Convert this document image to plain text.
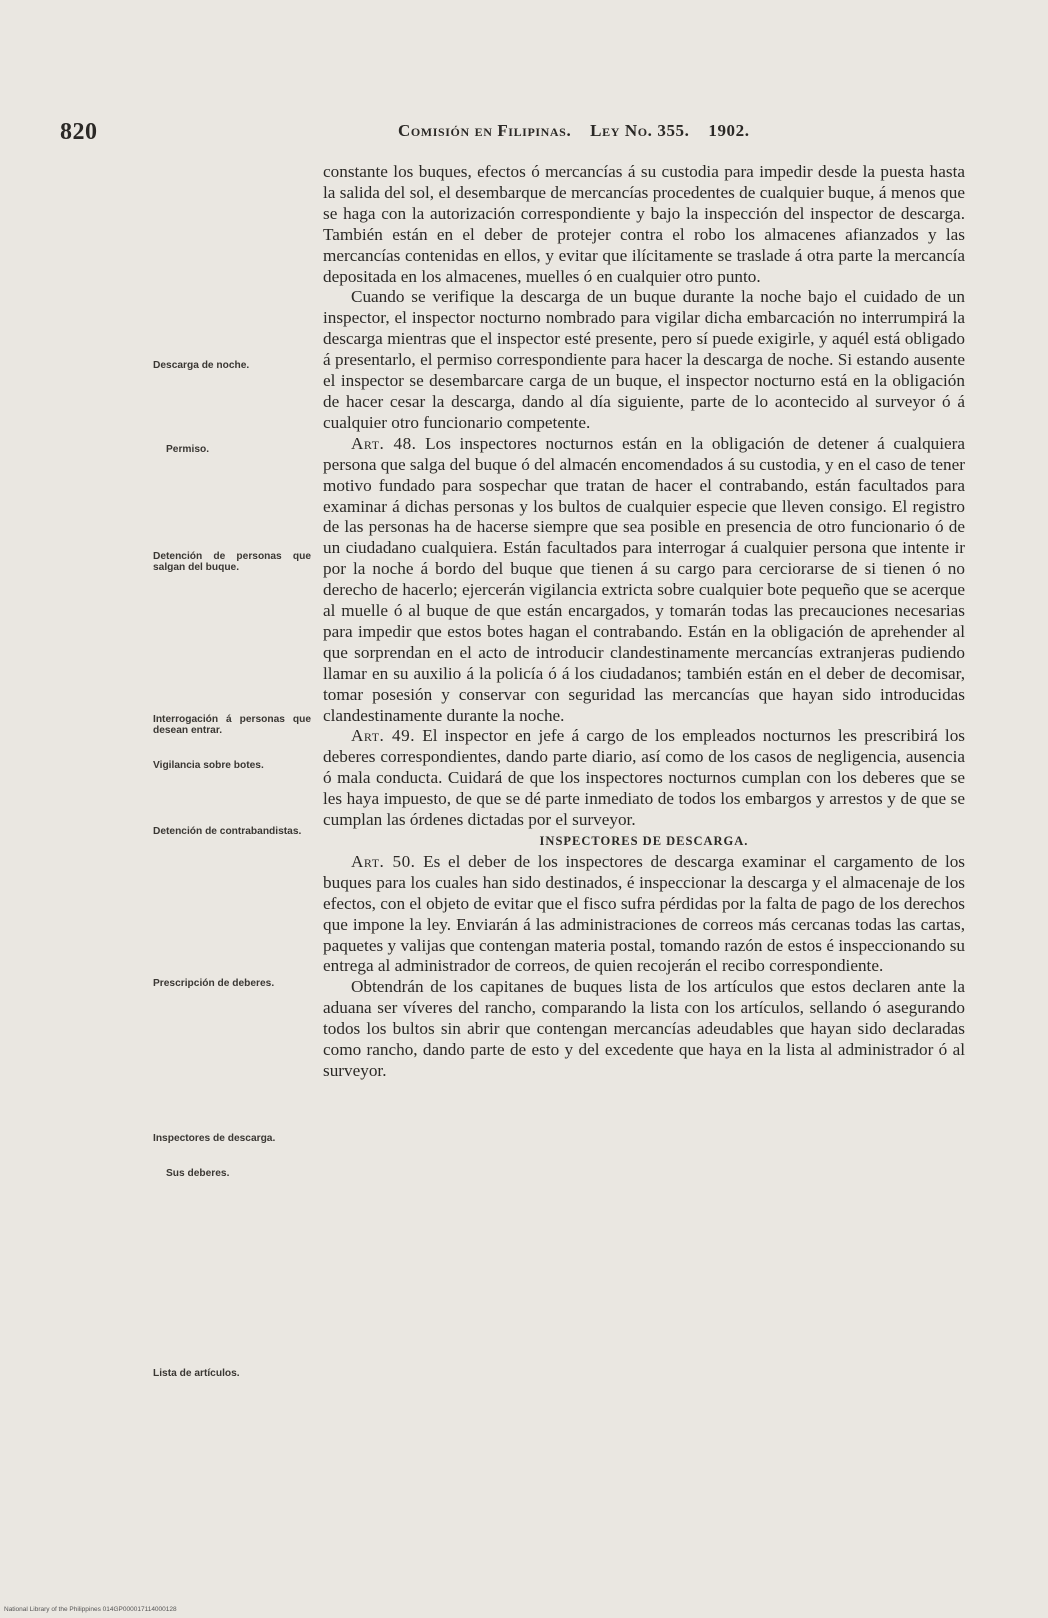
820	Comisión en Filipinas. Ley No. 355. 1902.

constante los buques, efectos ó mercancías á su custodia para impedir desde la puesta hasta la salida del sol, el desembarque de mercancías procedentes de cualquier buque, á menos que se haga con la autorización correspondiente y bajo la inspección del inspector de descarga. También están en el deber de protejer contra el robo los almacenes afianzados y las mercancías contenidas en ellos, y evitar que ilícitamente se traslade á otra parte la mercancía depositada en los almacenes, muelles ó en cualquier otro punto.

Cuando se verifique la descarga de un buque durante la noche bajo el cuidado de un inspector, el inspector nocturno nombrado para vigilar dicha embarcación no interrumpirá la descarga mientras que el inspector esté presente, pero sí puede exigirle, y aquél está obligado á presentarlo, el permiso correspondiente para hacer la descarga de noche. Si estando ausente el inspector se desembarcare carga de un buque, el inspector nocturno está en la obligación de hacer cesar la descarga, dando al día siguiente, parte de lo acontecido al surveyor ó á cualquier otro funcionario competente.

Art. 48. Los inspectores nocturnos están en la obligación de detener á cualquiera persona que salga del buque ó del almacén encomendados á su custodia, y en el caso de tener motivo fundado para sospechar que tratan de hacer el contrabando, están facultados para examinar á dichas personas y los bultos de cualquier especie que lleven consigo. El registro de las personas ha de hacerse siempre que sea posible en presencia de otro funcionario ó de un ciudadano cualquiera. Están facultados para interrogar á cualquier persona que intente ir por la noche á bordo del buque que tienen á su cargo para cerciorarse de si tienen ó no derecho de hacerlo; ejercerán vigilancia extricta sobre cualquier bote pequeño que se acerque al muelle ó al buque de que están encargados, y tomarán todas las precauciones necesarias para impedir que estos botes hagan el contrabando. Están en la obligación de aprehender al que sorprendan en el acto de introducir clandestinamente mercancías extranjeras pudiendo llamar en su auxilio á la policía ó á los ciudadanos; también están en el deber de decomisar, tomar posesión y conservar con seguridad las mercancías que hayan sido introducidas clandestinamente durante la noche.

Art. 49. El inspector en jefe á cargo de los empleados nocturnos les prescribirá los deberes correspondientes, dando parte diario, así como de los casos de negligencia, ausencia ó mala conducta. Cuidará de que los inspectores nocturnos cumplan con los deberes que se les haya impuesto, de que se dé parte inmediato de todos los embargos y arrestos y de que se cumplan las órdenes dictadas por el surveyor.

INSPECTORES DE DESCARGA.

Art. 50. Es el deber de los inspectores de descarga examinar el cargamento de los buques para los cuales han sido destinados, é inspeccionar la descarga y el almacenaje de los efectos, con el objeto de evitar que el fisco sufra pérdidas por la falta de pago de los derechos que impone la ley. Enviarán á las administraciones de correos más cercanas todas las cartas, paquetes y valijas que contengan materia postal, tomando razón de estos é inspeccionando su entrega al administrador de correos, de quien recojerán el recibo correspondiente.

Obtendrán de los capitanes de buques lista de los artículos que estos declaren ante la aduana ser víveres del rancho, comparando la lista con los artículos, sellando ó asegurando todos los bultos sin abrir que contengan mercancías adeudables que hayan sido declaradas como rancho, dando parte de esto y del excedente que haya en la lista al administrador ó al surveyor.

Descarga de noche.
Permiso.
Detención de personas que salgan del buque.
Interrogación á personas que desean entrar.
Vigilancia sobre botes.
Detención de contrabandistas.
Prescripción de deberes.
Inspectores de descarga.
Sus deberes.
Lista de artículos.
National Library of the Philippines 014GP000017114000128
